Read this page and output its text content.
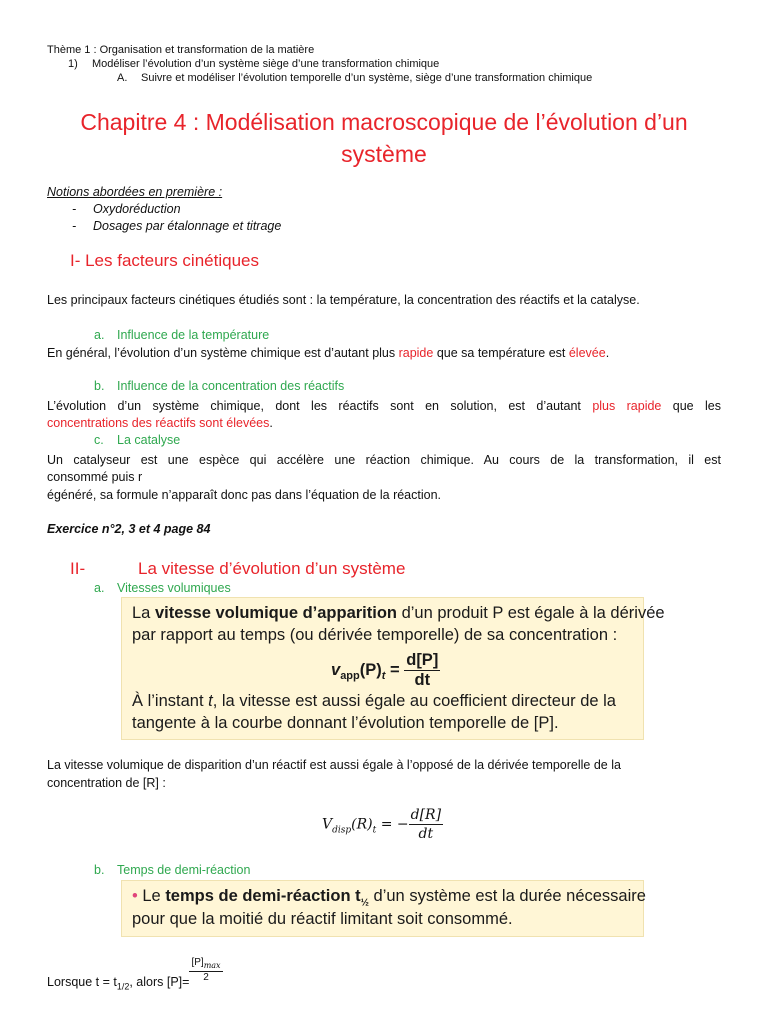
Thème 1 : Organisation et transformation de la matière
1) Modéliser l’évolution d’un système siège d’une transformation chimique
A. Suivre et modéliser l’évolution temporelle d’un système, siège d’une transformation chimique
Chapitre 4 : Modélisation macroscopique de l’évolution d’un
système
Notions abordées en première :
- Oxydoréduction
- Dosages par étalonnage et titrage
I- Les facteurs cinétiques
Les principaux facteurs cinétiques étudiés sont : la température, la concentration des réactifs et la catalyse.
a. Influence de la température
En général, l’évolution d’un système chimique est d’autant plus rapide que sa température est élevée.
b. Influence de la concentration des réactifs
L’évolution d’un système chimique, dont les réactifs sont en solution, est d’autant plus rapide que les
concentrations des réactifs sont élevées.
c. La catalyse
Un catalyseur est une espèce qui accélère une réaction chimique. Au cours de la transformation, il est
consommé puis r
égénéré, sa formule n’apparaît donc pas dans l’équation de la réaction.
Exercice n°2, 3 et 4 page 84
II-	La vitesse d’évolution d’un système
a. Vitesses volumiques
La vitesse volumique d’apparition d’un produit P est égale à la dérivée
par rapport au temps (ou dérivée temporelle) de sa concentration :
$v_{app}(P)_t = \frac{d[P]}{dt}$
À l’instant t, la vitesse est aussi égale au coefficient directeur de la
tangente à la courbe donnant l’évolution temporelle de [P].
La vitesse volumique de disparition d’un réactif est aussi égale à l’opposé de la dérivée temporelle de la
concentration de [R] :
$V_{disp}(R)_t$ = − $\frac{d[R]}{dt}$
b. Temps de demi-réaction
• Le temps de demi-réaction $t_{\frac{1}{2}}$ d’un système est la durée nécessaire
pour que la moitié du réactif limitant soit consommé.
Lorsque $t = t_{1/2}$, alors $[P]= \frac{[P]_{max}}{2}$
